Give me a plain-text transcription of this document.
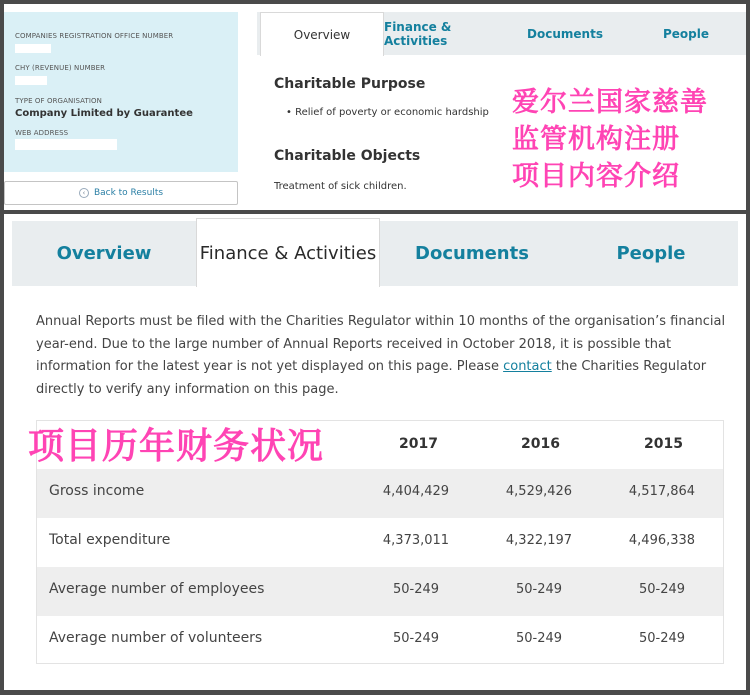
COMPANIES REGISTRATION OFFICE NUMBER
CHY (REVENUE) NUMBER
TYPE OF ORGANISATION
Company Limited by Guarantee
WEB ADDRESS
‹ Back to Results
Overview
Finance & Activities	Documents	People
Charitable Purpose
• Relief of poverty or economic hardship
Charitable Objects
Treatment of sick children.
爱尔兰国家慈善
监管机构注册
项目内容介绍
Overview	Finance & Activities	Documents	People
Annual Reports must be filed with the Charities Regulator within 10 months of the organisation’s financial year-end. Due to the large number of Annual Reports received in October 2018, it is possible that information for the latest year is not yet displayed on this page. Please contact the Charities Regulator directly to verify any information on this page.
2017	2016	2015
Gross income	4,404,429	4,529,426	4,517,864
Total expenditure	4,373,011	4,322,197	4,496,338
Average number of employees	50-249	50-249	50-249
Average number of volunteers	50-249	50-249	50-249
项目历年财务状况
